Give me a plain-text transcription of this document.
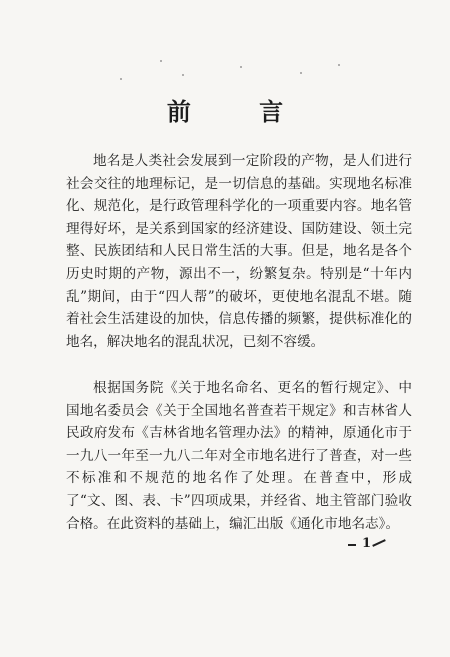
前 言

地名是人类社会发展到一定阶段的产物，是人们进行社会交往的地理标记，是一切信息的基础。实现地名标准化、规范化，是行政管理科学化的一项重要内容。地名管理得好坏，是关系到国家的经济建设、国防建设、领土完整、民族团结和人民日常生活的大事。但是，地名是各个历史时期的产物，源出不一，纷繁复杂。特别是“十年内乱”期间，由于“四人帮”的破坏，更使地名混乱不堪。随着社会生活建设的加快，信息传播的频繁，提供标准化的地名，解决地名的混乱状况，已刻不容缓。

根据国务院《关于地名命名、更名的暂行规定》、中国地名委员会《关于全国地名普查若干规定》和吉林省人民政府发布《吉林省地名管理办法》的精神，原通化市于一九八一年至一九八二年对全市地名进行了普查，对一些不标准和不规范的地名作了处理。在普查中，形成了“文、图、表、卡”四项成果，并经省、地主管部门验收合格。在此资料的基础上，编汇出版《通化市地名志》。

1
